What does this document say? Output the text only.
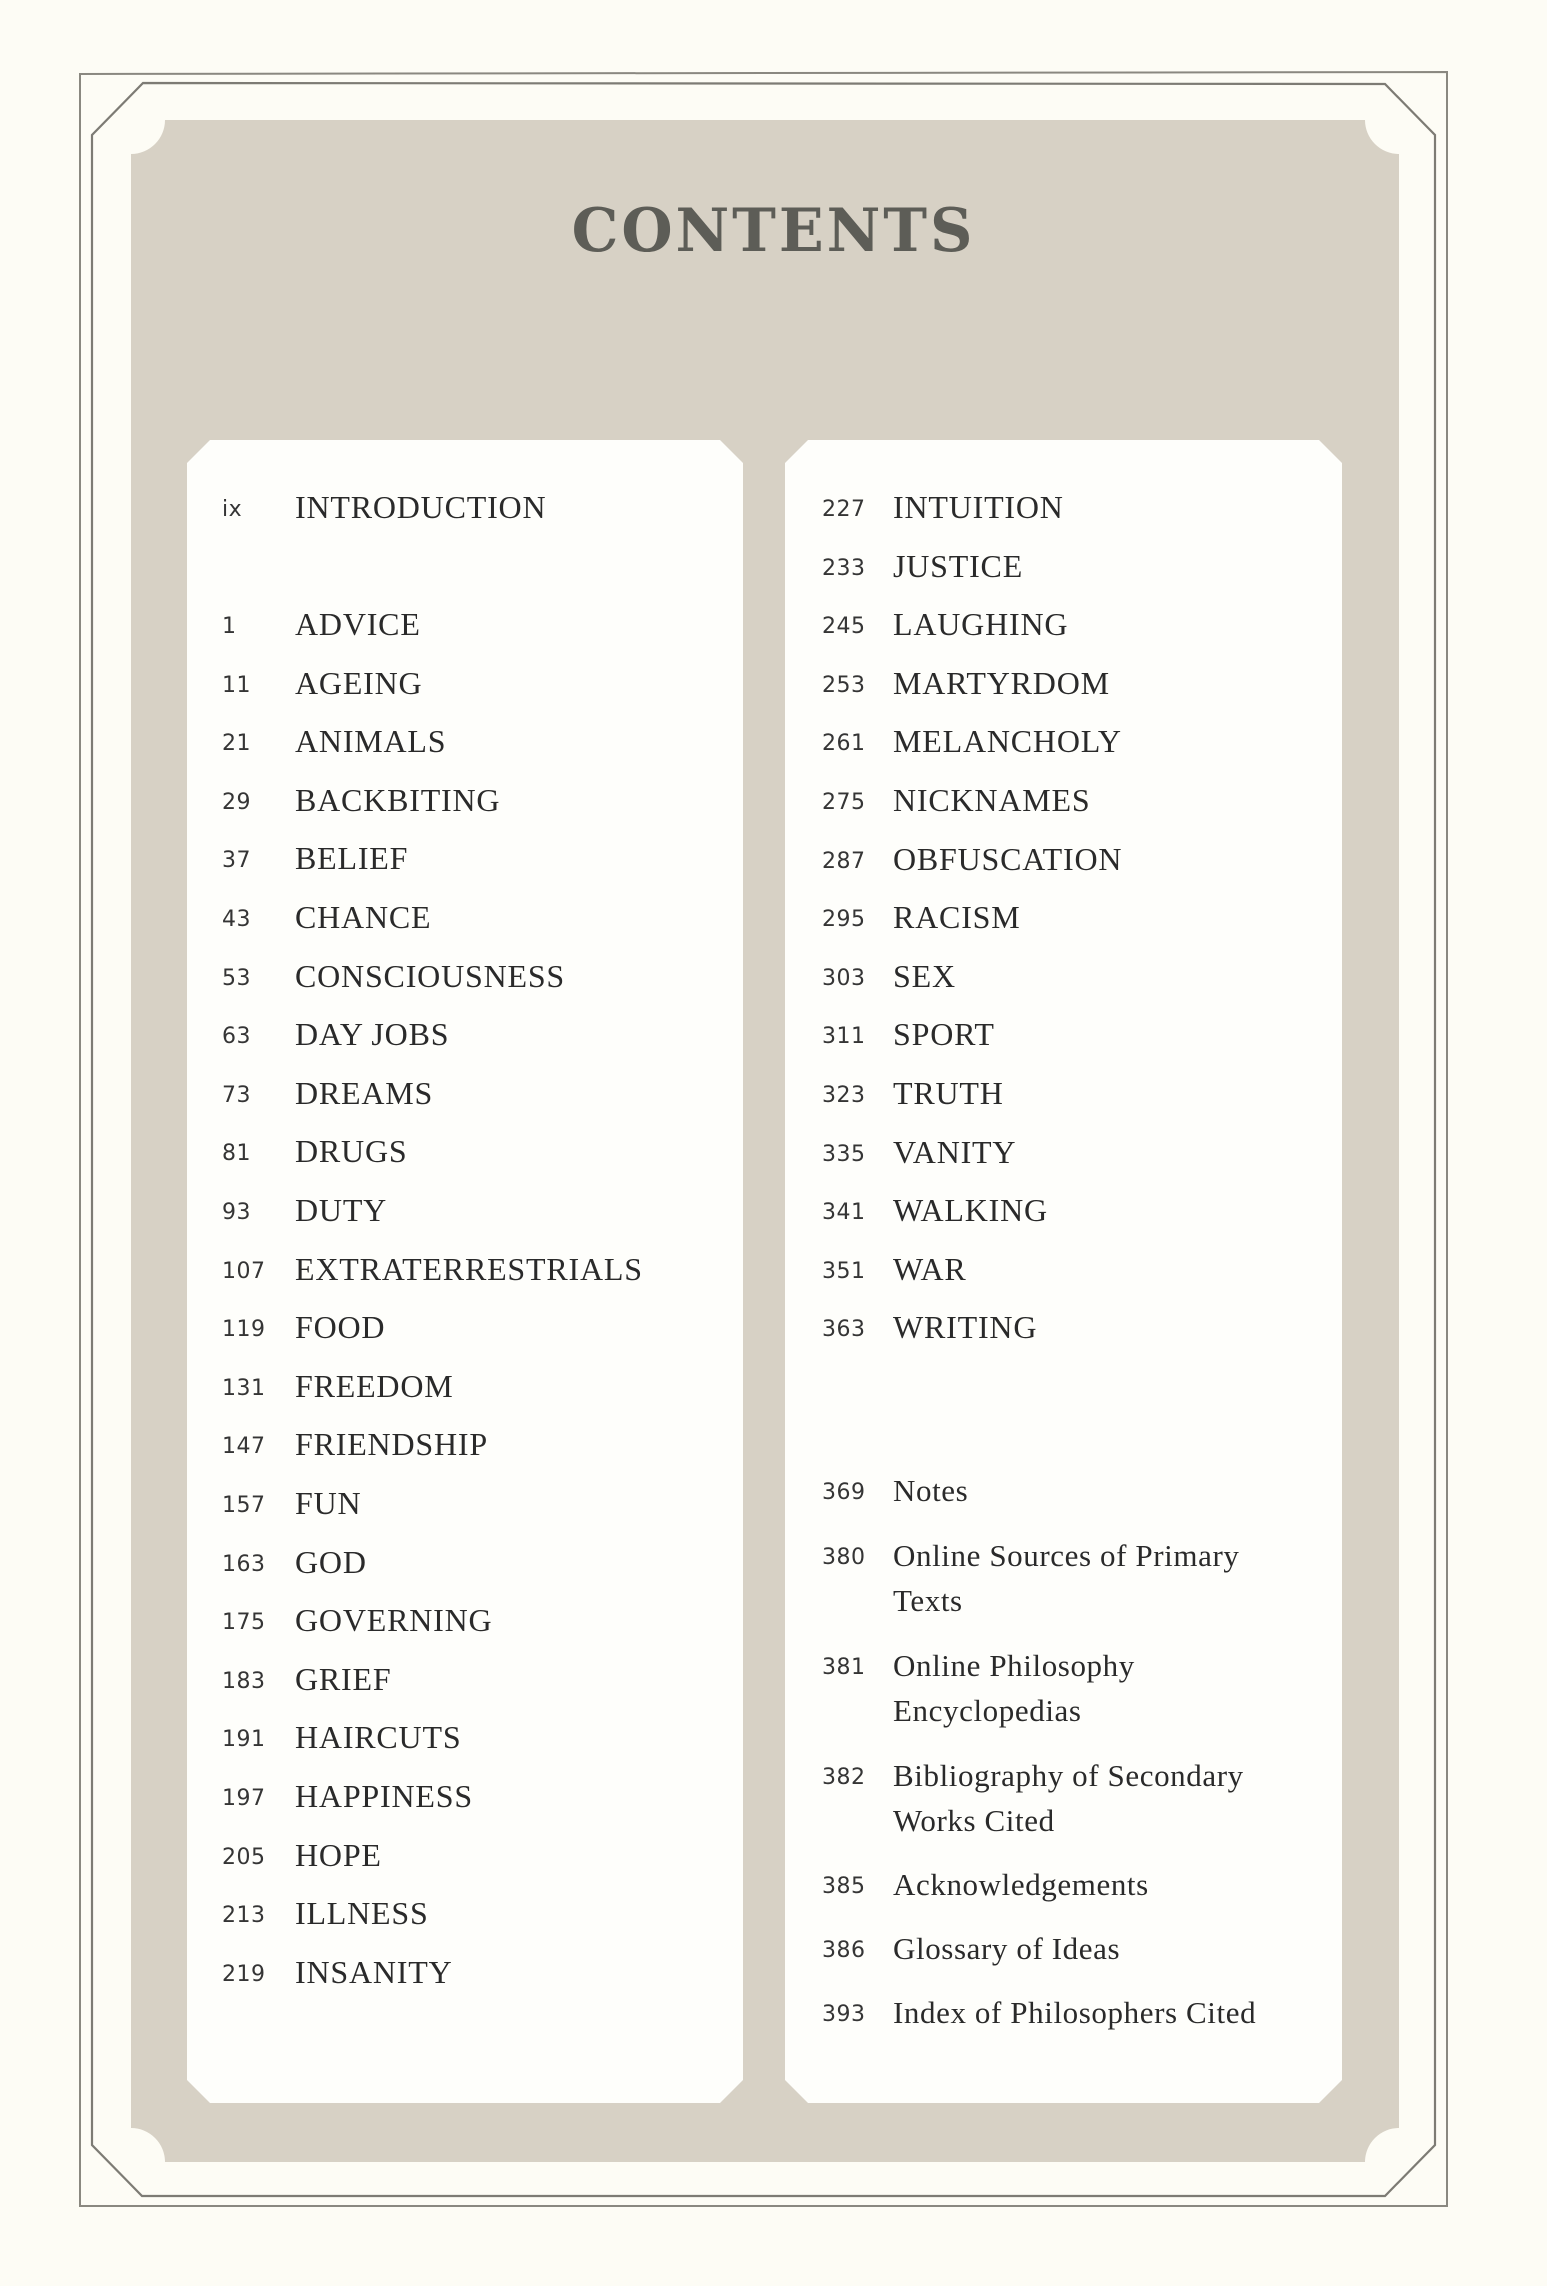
CONTENTS
ix INTRODUCTION
1 ADVICE
11 AGEING
21 ANIMALS
29 BACKBITING
37 BELIEF
43 CHANCE
53 CONSCIOUSNESS
63 DAY JOBS
73 DREAMS
81 DRUGS
93 DUTY
107 EXTRATERRESTRIALS
119 FOOD
131 FREEDOM
147 FRIENDSHIP
157 FUN
163 GOD
175 GOVERNING
183 GRIEF
191 HAIRCUTS
197 HAPPINESS
205 HOPE
213 ILLNESS
219 INSANITY
227 INTUITION
233 JUSTICE
245 LAUGHING
253 MARTYRDOM
261 MELANCHOLY
275 NICKNAMES
287 OBFUSCATION
295 RACISM
303 SEX
311 SPORT
323 TRUTH
335 VANITY
341 WALKING
351 WAR
363 WRITING
369 Notes
380 Online Sources of Primary Texts
381 Online Philosophy Encyclopedias
382 Bibliography of Secondary Works Cited
385 Acknowledgements
386 Glossary of Ideas
393 Index of Philosophers Cited
